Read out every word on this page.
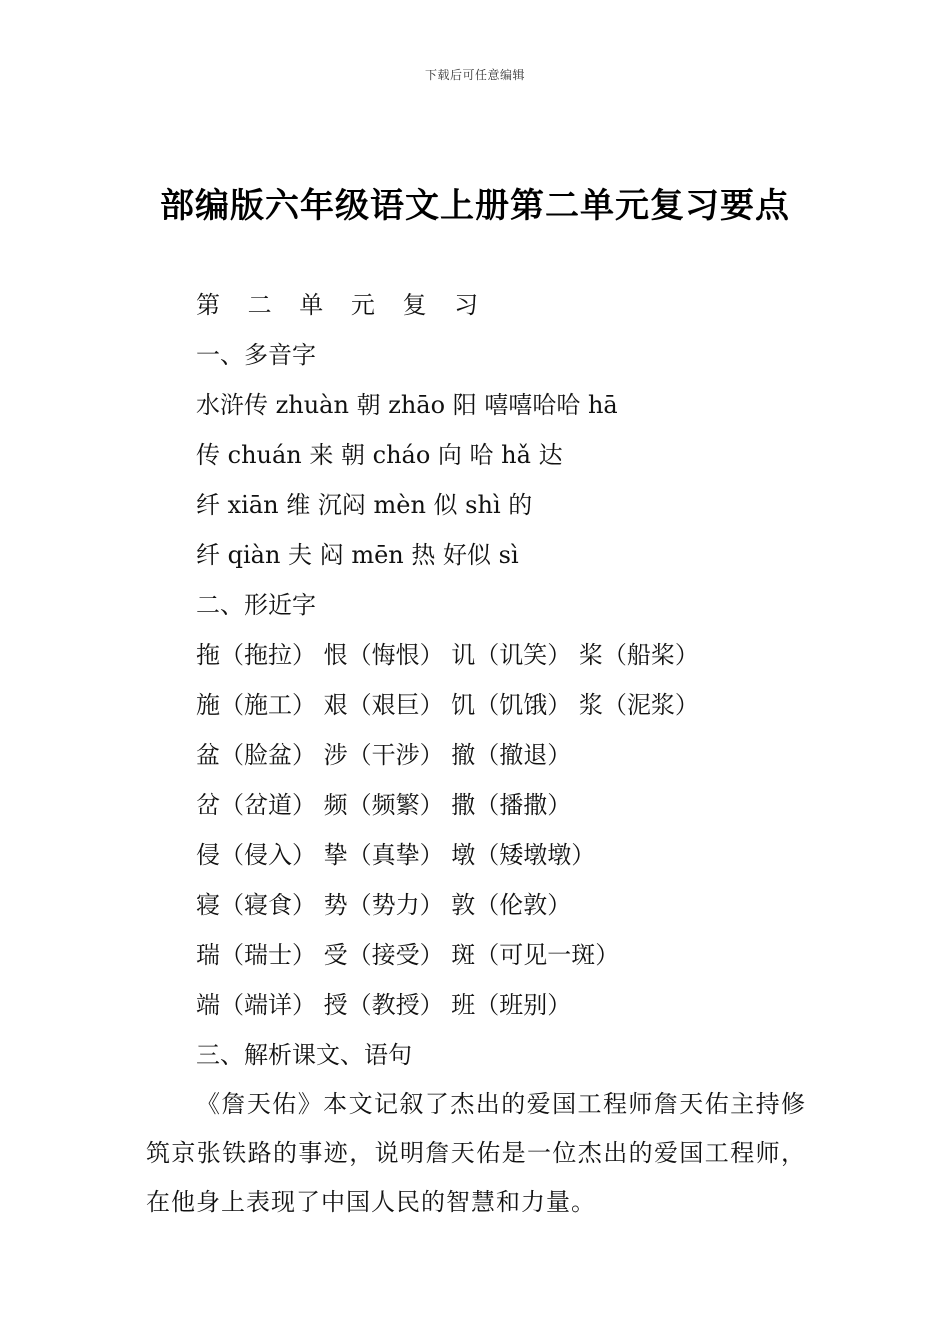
下载后可任意编辑
部编版六年级语文上册第二单元复习要点
第 二 单 元 复 习
一、多音字
水浒传 zhuàn 朝 zhāo 阳 嘻嘻哈哈 hā
传 chuán 来 朝 cháo 向 哈 hǎ 达
纤 xiān 维 沉闷 mèn 似 shì 的
纤 qiàn 夫 闷 mēn 热 好似 sì
二、形近字
拖（拖拉） 恨（悔恨） 讥（讥笑） 桨（船桨）
施（施工） 艰（艰巨） 饥（饥饿） 浆（泥浆）
盆（脸盆） 涉（干涉） 撤（撤退）
岔（岔道） 频（频繁） 撒（播撒）
侵（侵入） 挚（真挚） 墩（矮墩墩）
寝（寝食） 势（势力） 敦（伦敦）
瑞（瑞士） 受（接受） 斑（可见一斑）
端（端详） 授（教授） 班（班别）
三、解析课文、语句
《詹天佑》本文记叙了杰出的爱国工程师詹天佑主持修筑京张铁路的事迹，说明詹天佑是一位杰出的爱国工程师，在他身上表现了中国人民的智慧和力量。
